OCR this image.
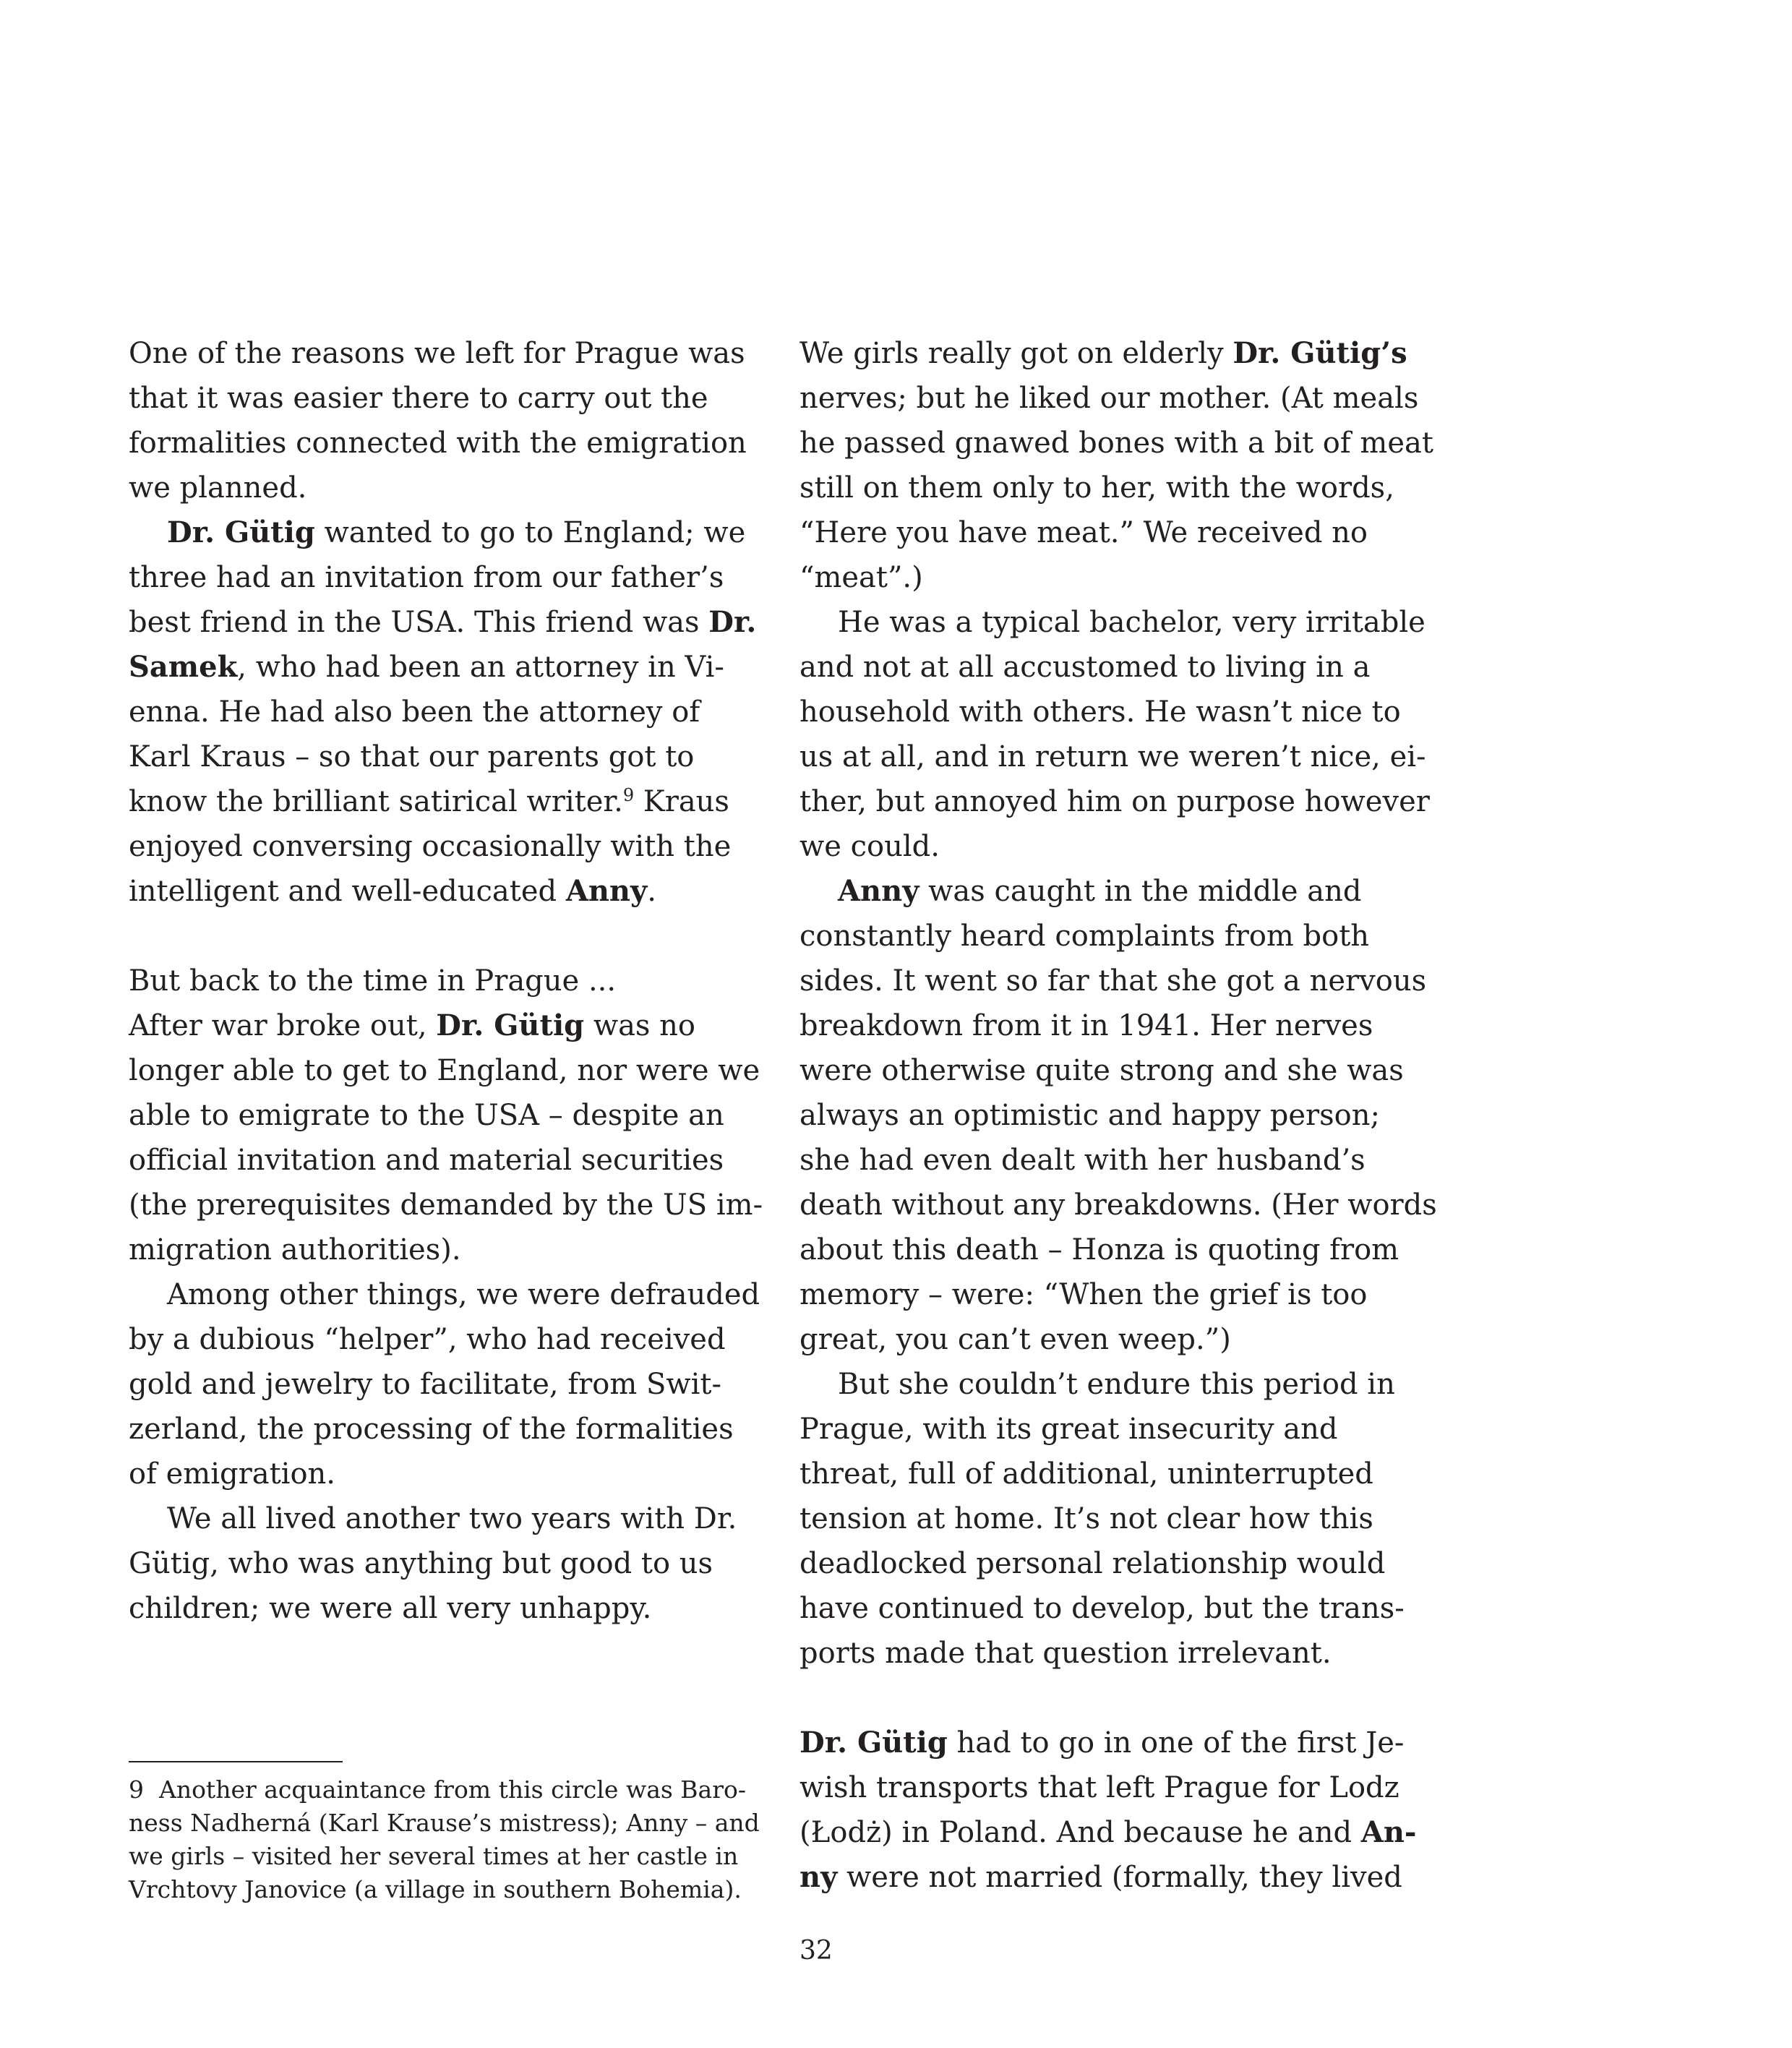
One of the reasons we left for Prague was
that it was easier there to carry out the
formalities connected with the emigration
we planned.
Dr. Gütig wanted to go to England; we
three had an invitation from our father’s
best friend in the USA. This friend was Dr.
Samek, who had been an attorney in Vi-
enna. He had also been the attorney of
Karl Kraus – so that our parents got to
know the brilliant satirical writer.$^9$ Kraus
enjoyed conversing occasionally with the
intelligent and well-educated Anny.
But back to the time in Prague ...
After war broke out, Dr. Gütig was no
longer able to get to England, nor were we
able to emigrate to the USA – despite an
official invitation and material securities
(the prerequisites demanded by the US im-
migration authorities).
Among other things, we were defrauded
by a dubious “helper”, who had received
gold and jewelry to facilitate, from Swit-
zerland, the processing of the formalities
of emigration.
We all lived another two years with Dr.
Gütig, who was anything but good to us
children; we were all very unhappy.
We girls really got on elderly Dr. Gütig’s
nerves; but he liked our mother. (At meals
he passed gnawed bones with a bit of meat
still on them only to her, with the words,
“Here you have meat.” We received no
“meat”.)
He was a typical bachelor, very irritable
and not at all accustomed to living in a
household with others. He wasn’t nice to
us at all, and in return we weren’t nice, ei-
ther, but annoyed him on purpose however
we could.
Anny was caught in the middle and
constantly heard complaints from both
sides. It went so far that she got a nervous
breakdown from it in 1941. Her nerves
were otherwise quite strong and she was
always an optimistic and happy person;
she had even dealt with her husband’s
death without any breakdowns. (Her words
about this death – Honza is quoting from
memory – were: “When the grief is too
great, you can’t even weep.”)
But she couldn’t endure this period in
Prague, with its great insecurity and
threat, full of additional, uninterrupted
tension at home. It’s not clear how this
deadlocked personal relationship would
have continued to develop, but the trans-
ports made that question irrelevant.
Dr. Gütig had to go in one of the first Je-
wish transports that left Prague for Lodz
(Łodż) in Poland. And because he and An-
ny were not married (formally, they lived
9 Another acquaintance from this circle was Baro-
ness Nadherná (Karl Krause’s mistress); Anny – and
we girls – visited her several times at her castle in
Vrchtovy Janovice (a village in southern Bohemia).
32
